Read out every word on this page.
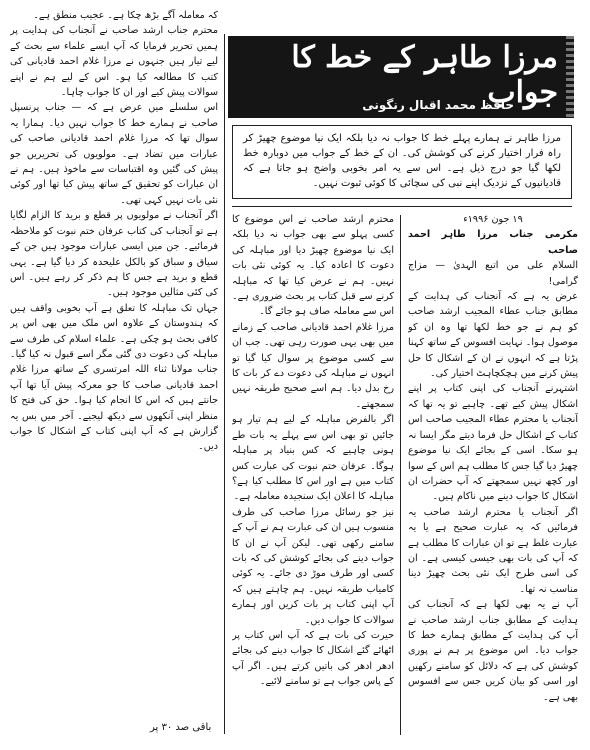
مرزا طاہر کے خط کا جواب
حافظ محمد اقبال رنگونی
مرزا طاہر نے ہمارے پہلے خط کا جواب نہ دیا بلکہ ایک نیا موضوع چھیڑ کر راہ فرار اختیار کرنے کی کوشش کی۔ ان کے خط کے جواب میں دوبارہ خط لکھا گیا جو درج ذیل ہے۔ اس سے یہ امر بخوبی واضح ہو جاتا ہے کہ قادیانیوں کے نزدیک اپنے نبی کی سچائی کا کوئی ثبوت نہیں۔

۱۹ جون ۱۹۹۶ء

مکرمی جناب مرزا طاہر احمد صاحب

السلام علی من اتبع الہدیٰ — مزاج گرامی!

عرض یہ ہے کہ آنجناب کی ہدایت کے مطابق جناب عطاء المجیب ارشد صاحب کو ہم نے جو خط لکھا تھا وہ ان کو موصول ہوا۔ نہایت افسوس کے ساتھ کہنا پڑتا ہے کہ انہوں نے ان کے اشکال کا حل پیش کرنے میں ہچکچاہٹ اختیار کی۔

اشتہرنے آنجناب کی اپنی کتاب پر اپنے اشکال پیش کیے تھے۔ چاہیے تو یہ تھا کہ آنجناب یا محترم عطاء المجیب صاحب اس کتاب کے اشکال حل فرما دیتے مگر ایسا نہ ہو سکا۔ اسی کے بجائے ایک نیا موضوع چھیڑ دیا گیا جس کا مطلب ہم اس کے سوا اور کچھ نہیں سمجھتے کہ آپ حضرات ان اشکال کا جواب دینے میں ناکام ہیں۔

اگر آنجناب یا محترم ارشد صاحب یہ فرمائیں کہ یہ عبارت صحیح ہے یا یہ عبارت غلط ہے تو ان عبارات کا مطلب ہے کہ آپ کی بات بھی جیسی کیسی ہے۔ ان کی اسی طرح ایک نئی بحث چھیڑ دینا مناسب نہ تھا۔

آپ نے یہ بھی لکھا ہے کہ آنجناب کی ہدایت کے مطابق جناب ارشد صاحب نے آپ کی ہدایت کے مطابق ہمارے خط کا جواب دیا۔ اس موضوع پر ہم نے پوری کوشش کی ہے کہ دلائل کو سامنے رکھیں اور اسی کو بیان کریں جس سے افسوس بھی ہے۔

محترم ارشد صاحب نے اس موضوع کا کسی پہلو سے بھی جواب نہ دیا بلکہ ایک نیا موضوع چھیڑ دیا اور مباہلہ کی دعوت کا اعادہ کیا۔ یہ کوئی نئی بات نہیں۔ ہم نے عرض کیا تھا کہ مباہلہ کرنے سے قبل کتاب پر بحث ضروری ہے۔ اس سے معاملہ صاف ہو جائے گا۔

مرزا غلام احمد قادیانی صاحب کے زمانے میں بھی یہی صورت رہی تھی۔ جب ان سے کسی موضوع پر سوال کیا گیا تو انہوں نے مباہلہ کی دعوت دے کر بات کا رخ بدل دیا۔ ہم اسے صحیح طریقہ نہیں سمجھتے۔

اگر بالفرض مباہلہ کے لیے ہم تیار ہو جائیں تو بھی اس سے پہلے یہ بات طے ہونی چاہیے کہ کس بنیاد پر مباہلہ ہوگا۔ عرفان ختم نبوت کی عبارت کس کتاب میں ہے اور اس کا مطلب کیا ہے؟ مباہلہ کا اعلان ایک سنجیدہ معاملہ ہے۔

نیز جو رسائل مرزا صاحب کی طرف منسوب ہیں ان کی عبارت ہم نے آپ کے سامنے رکھی تھی۔ لیکن آپ نے ان کا جواب دینے کی بجائے کوشش کی کہ بات کسی اور طرف موڑ دی جائے۔ یہ کوئی کامیاب طریقہ نہیں۔ ہم چاہتے ہیں کہ آپ اپنی کتاب پر بات کریں اور ہمارے سوالات کا جواب دیں۔

حیرت کی بات ہے کہ آپ اس کتاب پر اٹھائے گئے اشکال کا جواب دینے کی بجائے ادھر ادھر کی باتیں کرتے ہیں۔ اگر آپ کے پاس جواب ہے تو سامنے لائیے۔

کہ معاملہ آگے بڑھ چکا ہے۔ عجیب منطق ہے۔

محترم جناب ارشد صاحب نے آنجناب کی ہدایت پر ہمیں تحریر فرمایا کہ آپ ایسے علماء سے بحث کے لیے تیار ہیں جنہوں نے مرزا غلام احمد قادیانی کی کتب کا مطالعہ کیا ہو۔ اس کے لیے ہم نے اپنے سوالات پیش کیے اور ان کا جواب چاہا۔

اس سلسلے میں عرض ہے کہ — جناب پرنسپل صاحب نے ہمارے خط کا جواب نہیں دیا۔ ہمارا یہ سوال تھا کہ مرزا غلام احمد قادیانی صاحب کی عبارات میں تضاد ہے۔ مولویوں کی تحریریں جو پیش کی گئیں وہ اقتباسات سے ماخوذ ہیں۔ ہم نے ان عبارات کو تحقیق کے ساتھ پیش کیا تھا اور کوئی نئی بات نہیں کہی تھی۔

اگر آنجناب نے مولویوں پر قطع و برید کا الزام لگایا ہے تو آنجناب کی کتاب عرفان ختم نبوت کو ملاحظہ فرمائیے۔ جن میں ایسی عبارات موجود ہیں جن کے سیاق و سباق کو بالکل علیحدہ کر دیا گیا ہے۔ یہی قطع و برید ہے جس کا ہم ذکر کر رہے ہیں۔ اس کی کئی مثالیں موجود ہیں۔

جہاں تک مباہلہ کا تعلق ہے آپ بخوبی واقف ہیں کہ ہندوستان کے علاوہ اس ملک میں بھی اس پر کافی بحث ہو چکی ہے۔ علماء اسلام کی طرف سے مباہلہ کی دعوت دی گئی مگر اسے قبول نہ کیا گیا۔ جناب مولانا ثناء اللہ امرتسری کے ساتھ مرزا غلام احمد قادیانی صاحب کا جو معرکہ پیش آیا تھا آپ جانتے ہیں کہ اس کا انجام کیا ہوا۔ حق کی فتح کا منظر اپنی آنکھوں سے دیکھ لیجیے۔ آخر میں بس یہ گزارش ہے کہ آپ اپنی کتاب کے اشکال کا جواب دیں۔

باقی صد ۳۰ پر
